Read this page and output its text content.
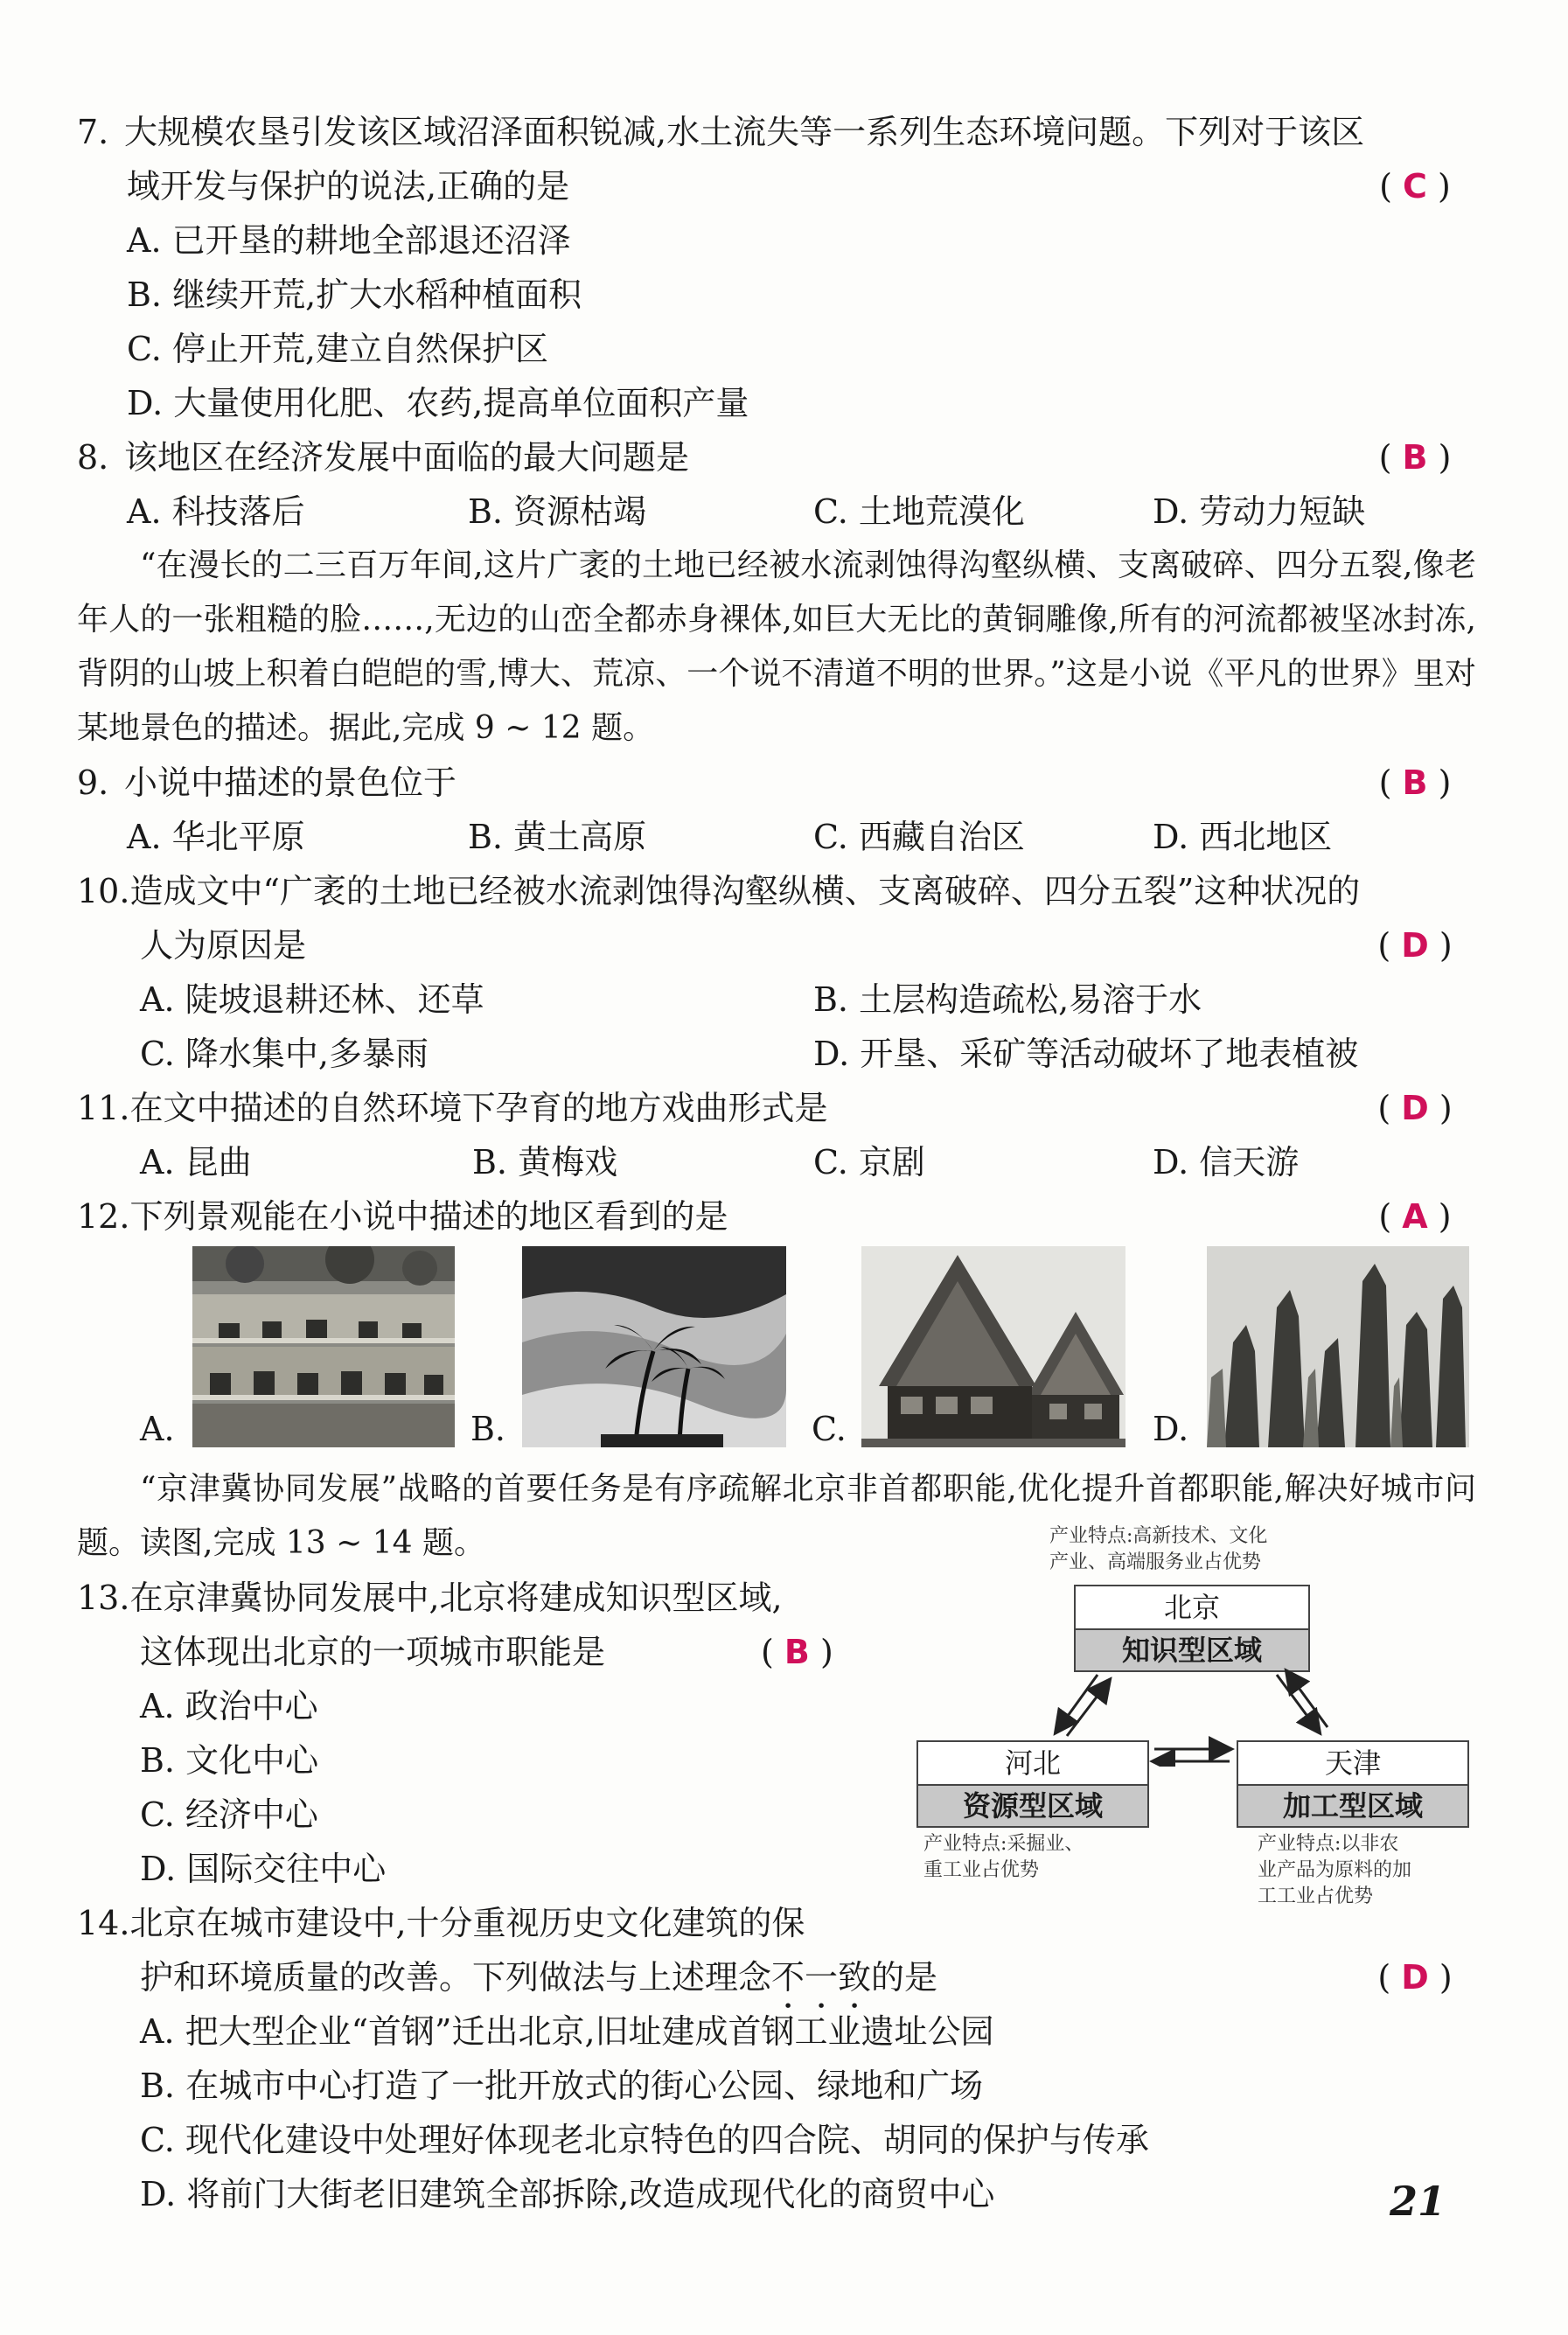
7. 大规模农垦引发该区域沼泽面积锐减,水土流失等一系列生态环境问题。下列对于该区
域开发与保护的说法,正确的是	( C )
A. 已开垦的耕地全部退还沼泽
B. 继续开荒,扩大水稻种植面积
C. 停止开荒,建立自然保护区
D. 大量使用化肥、农药,提高单位面积产量
8. 该地区在经济发展中面临的最大问题是	( B )
A. 科技落后	B. 资源枯竭	C. 土地荒漠化	D. 劳动力短缺
“在漫长的二三百万年间,这片广袤的土地已经被水流剥蚀得沟壑纵横、支离破碎、四分五裂,像老年人的一张粗糙的脸……,无边的山峦全都赤身裸体,如巨大无比的黄铜雕像,所有的河流都被坚冰封冻,背阴的山坡上积着白皑皑的雪,博大、荒凉、一个说不清道不明的世界。”这是小说《平凡的世界》里对某地景色的描述。据此,完成 9 ~ 12 题。
9. 小说中描述的景色位于	( B )
A. 华北平原	B. 黄土高原	C. 西藏自治区	D. 西北地区
10.造成文中“广袤的土地已经被水流剥蚀得沟壑纵横、支离破碎、四分五裂”这种状况的
人为原因是	( D )
A. 陡坡退耕还林、还草	B. 土层构造疏松,易溶于水
C. 降水集中,多暴雨	D. 开垦、采矿等活动破坏了地表植被
11.在文中描述的自然环境下孕育的地方戏曲形式是	( D )
A. 昆曲	B. 黄梅戏	C. 京剧	D. 信天游
12.下列景观能在小说中描述的地区看到的是	( A )
A.	B.	C.	D.
“京津冀协同发展”战略的首要任务是有序疏解北京非首都职能,优化提升首都职能,解决好城市问题。读图,完成 13 ~ 14 题。	产业特点:高新技术、文化
产业、高端服务业占优势
北京
知识型区域
河北
资源型区域
天津
加工型区域
产业特点:采掘业、
重工业占优势
产业特点:以非农
业产品为原料的加
工工业占优势
13.在京津冀协同发展中,北京将建成知识型区域,
这体现出北京的一项城市职能是	( B )
A. 政治中心
B. 文化中心
C. 经济中心
D. 国际交往中心
14.北京在城市建设中,十分重视历史文化建筑的保
护和环境质量的改善。下列做法与上述理念不一致的是	( D )
A. 把大型企业“首钢”迁出北京,旧址建成首钢工业遗址公园
B. 在城市中心打造了一批开放式的街心公园、绿地和广场
C. 现代化建设中处理好体现老北京特色的四合院、胡同的保护与传承
D. 将前门大街老旧建筑全部拆除,改造成现代化的商贸中心	21
